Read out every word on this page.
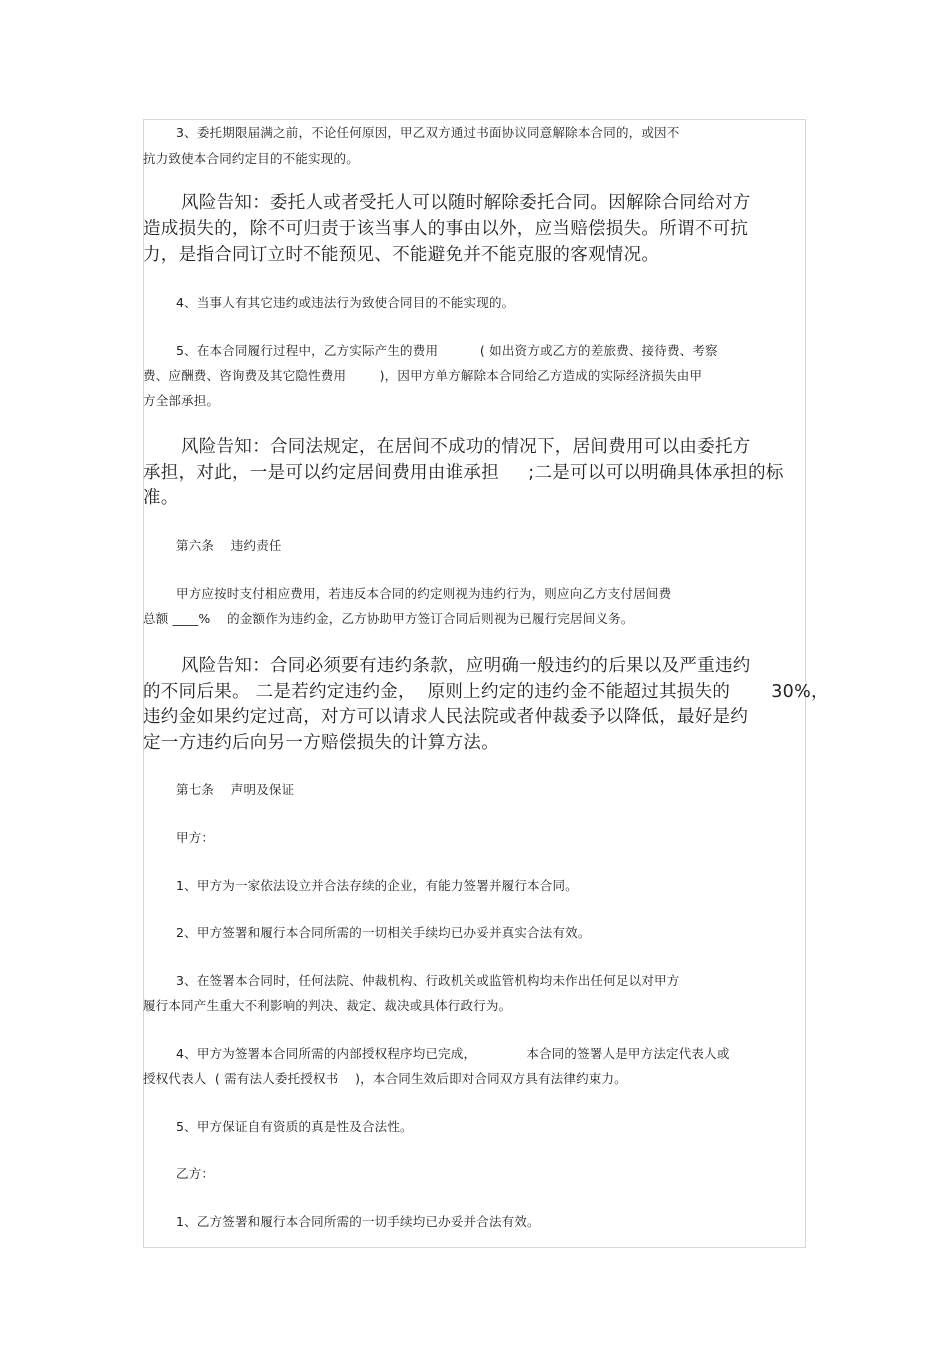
3、委托期限届满之前，不论任何原因，甲乙双方通过书面协议同意解除本合同的，或因不
抗力致使本合同约定目的不能实现的。
风险告知：委托人或者受托人可以随时解除委托合同。因解除合同给对方
造成损失的，除不可归责于该当事人的事由以外，应当赔偿损失。所谓不可抗
力，是指合同订立时不能预见、不能避免并不能克服的客观情况。
4、当事人有其它违约或违法行为致使合同目的不能实现的。
5、在本合同履行过程中，乙方实际产生的费用          ( 如出资方或乙方的差旅费、接待费、考察
费、应酬费、咨询费及其它隐性费用        )，因甲方单方解除本合同给乙方造成的实际经济损失由甲
方全部承担。
风险告知：合同法规定，在居间不成功的情况下，居间费用可以由委托方
承担，对此，一是可以约定居间费用由谁承担     ;二是可以可以明确具体承担的标
准。
第六条    违约责任
甲方应按时支付相应费用，若违反本合同的约定则视为违约行为，则应向乙方支付居间费
总额 ____%    的金额作为违约金，乙方协助甲方签订合同后则视为已履行完居间义务。
风险告知：合同必须要有违约条款，应明确一般违约的后果以及严重违约
的不同后果。 二是若约定违约金，  原则上约定的违约金不能超过其损失的       30%，
违约金如果约定过高，对方可以请求人民法院或者仲裁委予以降低，最好是约
定一方违约后向另一方赔偿损失的计算方法。
第七条    声明及保证
甲方：
1、甲方为一家依法设立并合法存续的企业，有能力签署并履行本合同。
2、甲方签署和履行本合同所需的一切相关手续均已办妥并真实合法有效。
3、在签署本合同时，任何法院、仲裁机构、行政机关或监管机构均未作出任何足以对甲方
履行本同产生重大不利影响的判决、裁定、裁决或具体行政行为。
4、甲方为签署本合同所需的内部授权程序均已完成，            本合同的签署人是甲方法定代表人或
授权代表人  ( 需有法人委托授权书    )，本合同生效后即对合同双方具有法律约束力。
5、甲方保证自有资质的真是性及合法性。
乙方：
1、乙方签署和履行本合同所需的一切手续均已办妥并合法有效。
